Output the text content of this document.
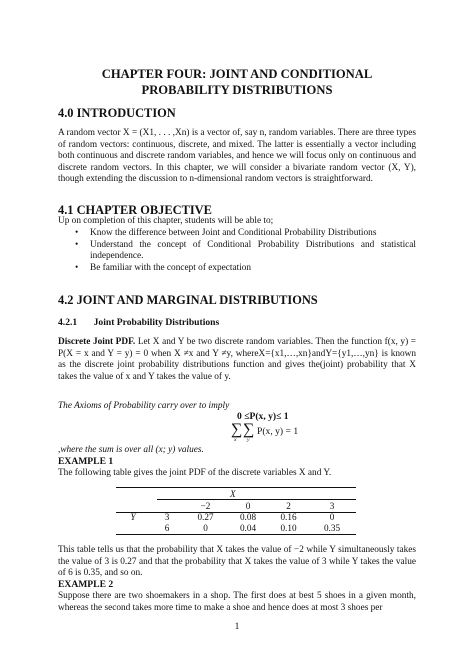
CHAPTER FOUR: JOINT AND CONDITIONAL
PROBABILITY DISTRIBUTIONS
4.0 INTRODUCTION

A random vector X = (X1, . . . ,Xn) is a vector of, say n, random variables. There are three types of random vectors: continuous, discrete, and mixed. The latter is essentially a vector including both continuous and discrete random variables, and hence we will focus only on continuous and discrete random vectors. In this chapter, we will consider a bivariate random vector (X, Y), though extending the discussion to n-dimensional random vectors is straightforward.

4.1 CHAPTER OBJECTIVE

Up on completion of this chapter, students will be able to;

• Know the difference between Joint and Conditional Probability Distributions
• Understand the concept of Conditional Probability Distributions and statistical independence.
• Be familiar with the concept of expectation
4.2 JOINT AND MARGINAL DISTRIBUTIONS
4.2.1 Joint Probability Distributions

Discrete Joint PDF. Let X and Y be two discrete random variables. Then the function f(x, y) = P(X = x and Y = y) = 0 when X ≠x and Y ≠y, whereX={x1,…,xn}andY={y1,…,yn} is known as the discrete joint probability distributions function and gives the(joint) probability that X takes the value of x and Y takes the value of y.

The Axioms of Probability carry over to imply

0 ≤P(x, y)≤ 1
∑ ∑
x y
P(x, y) = 1

,where the sum is over all (x; y) values.

EXAMPLE 1

The following table gives the joint PDF of the discrete variables X and Y.

X
		−2	0	2	3
Y	3	0.27	0.08	0.16	0
	6	0	0.04	0.10	0.35

This table tells us that the probability that X takes the value of −2 while Y simultaneously takes the value of 3 is 0.27 and that the probability that X takes the value of 3 while Y takes the value of 6 is 0.35, and so on.

EXAMPLE 2

Suppose there are two shoemakers in a shop. The first does at best 5 shoes in a given month, whereas the second takes more time to make a shoe and hence does at most 3 shoes per

1
